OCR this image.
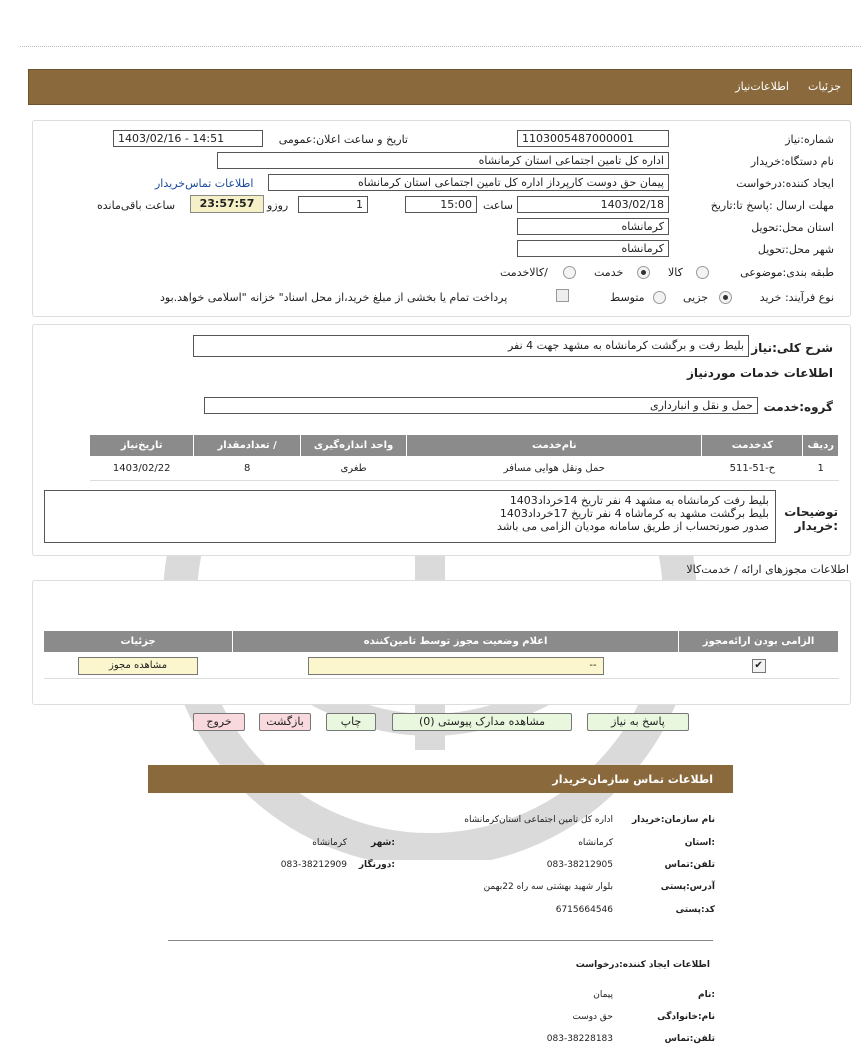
جزئیات
اطلاعات‌نیاز
شماره:نیاز
1103005487000001
تاریخ و ساعت اعلان:عمومی
1403/02/16 - 14:51
نام دستگاه:خریدار
اداره کل تامین اجتماعی استان کرمانشاه
ایجاد کننده:درخواست
پیمان حق دوست کارپرداز اداره کل تامین اجتماعی استان کرمانشاه
اطلاعات تماس‌خریدار
مهلت ارسال :پاسخ تا:تاریخ
1403/02/18
ساعت
15:00
1
روزو
23:57:57
ساعت باقی‌مانده
استان محل:تحویل
کرمانشاه
شهر محل:تحویل
کرمانشاه
طبقه بندی:موضوعی
کالا
خدمت
/کالاخدمت
نوع فرآیند: خرید
جزیی
متوسط
پرداخت تمام یا بخشی از مبلغ خرید،از محل اسناد" خزانه "اسلامی خواهد.بود
شرح کلی:نیاز
بلیط رفت و برگشت کرمانشاه به مشهد جهت 4 نفر
اطلاعات خدمات موردنیاز
گروه:خدمت
حمل و نقل و انبارداری
ردیف	کدخدمت	نام‌خدمت	واحد اندازه‌گیری	/ تعدادمقدار	تاریخ‌نیاز
1	ح-51-511	حمل ونقل هوایی مسافر	طغری	8	1403/02/22
توضیحات :خریدار
بلیط رفت کرمانشاه به مشهد 4 نفر تاریخ 14خرداد1403
بلیط برگشت مشهد به کرماشاه 4 نفر تاریخ 17خرداد1403
صدور صورتحساب از طریق سامانه مودیان الزامی می باشد
اطلاعات مجوزهای ارائه / خدمت‌کالا
الزامی بودن ارائه‌مجوز	اعلام وضعیت مجوز توسط تامین‌کننده	جزئیات
✔	--	مشاهده مجوز
پاسخ به نیاز
مشاهده مدارک پیوستی (0)
چاپ
بازگشت
خروج
اطلاعات تماس سازمان‌خریدار
نام سازمان:خریدار
اداره کل تامین اجتماعی استان‌کرمانشاه
:استان
کرمانشاه
:شهر
کرمانشاه
تلفن:تماس
083-38212905
:دورنگار
083-38212909
آدرس:پستی
بلوار شهید بهشتی سه راه 22بهمن
کد:پستی
6715664546
اطلاعات ایجاد کننده:درخواست
:نام
پیمان
نام:خانوادگی
حق دوست
تلفن:تماس
083-38228183
